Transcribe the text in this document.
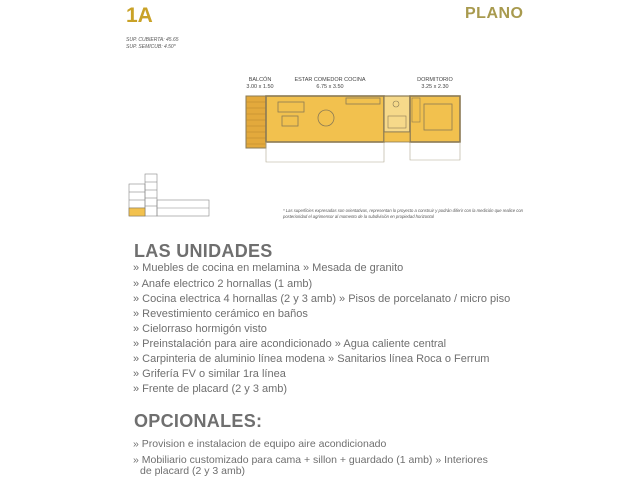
1A	PLANO
SUP. CUBIERTA: 45.65
SUP. SEMICUB: 4.50*
BALCÓN
3.00 x 1.50
ESTAR COMEDOR COCINA
6.75 x 3.50
DORMITORIO
3.25 x 2.30
* Las superficies expresadas son orientativas, representan lo proyecto a construir y podrán diferir con la medición que realice con posterioridad el agrimensor al momento de la subdivisión en propiedad horizontal
LAS UNIDADES
» Muebles de cocina en melamina » Mesada de granito
» Anafe electrico 2 hornallas (1 amb)
» Cocina electrica 4 hornallas (2 y 3 amb) » Pisos de porcelanato / micro piso
» Revestimiento cerámico en baños
» Cielorraso hormigón visto
» Preinstalación para aire acondicionado » Agua caliente central
» Carpinteria de aluminio línea modena » Sanitarios línea Roca o Ferrum
» Grifería FV o similar 1ra línea
» Frente de placard (2 y 3 amb)
OPCIONALES:
» Provision e instalacion de equipo aire acondicionado
» Mobiliario customizado para cama + sillon + guardado (1 amb) » Interiores
de placard (2 y 3 amb)
